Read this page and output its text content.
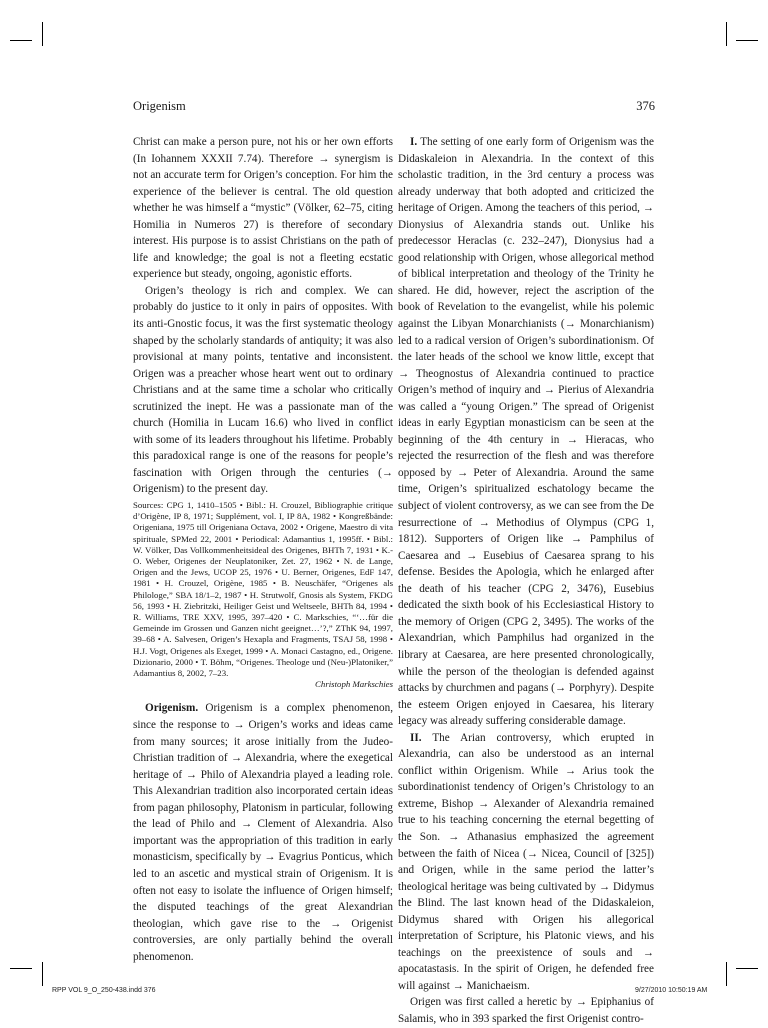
Origenism	376

Christ can make a person pure, not his or her own efforts (In Iohannem XXXII 7.74). Therefore → synergism is not an accurate term for Origen’s conception. For him the experience of the believer is central. The old question whether he was himself a “mystic” (Völker, 62–75, citing Homilia in Numeros 27) is therefore of secondary interest. His purpose is to assist Christians on the path of life and knowledge; the goal is not a fleeting ecstatic experience but steady, ongoing, agonistic efforts.

Origen’s theology is rich and complex. We can probably do justice to it only in pairs of opposites. With its anti-Gnostic focus, it was the first systematic theology shaped by the scholarly standards of antiquity; it was also provisional at many points, tentative and inconsistent. Origen was a preacher whose heart went out to ordinary Christians and at the same time a scholar who critically scrutinized the inept. He was a passionate man of the church (Homilia in Lucam 16.6) who lived in conflict with some of its leaders throughout his lifetime. Probably this paradoxical range is one of the reasons for people’s fascination with Origen through the centuries (→ Origenism) to the present day.

Sources: CPG 1, 1410–1505 • Bibl.: H. Crouzel, Bibliographie critique d’Origène, IP 8, 1971; Supplément, vol. I, IP 8A, 1982 • Kongreßbände: Origeniana, 1975 till Origeniana Octava, 2002 • Origene, Maestro di vita spirituale, SPMed 22, 2001 • Periodical: Adamantius 1, 1995ff. • Bibl.: W. Völker, Das Vollkommenheitsideal des Origenes, BHTh 7, 1931 • K.-O. Weber, Origenes der Neuplatoniker, Zet. 27, 1962 • N. de Lange, Origen and the Jews, UCOP 25, 1976 • U. Berner, Origenes, EdF 147, 1981 • H. Crouzel, Origène, 1985 • B. Neuschäfer, “Origenes als Philologe,” SBA 18/1–2, 1987 • H. Strutwolf, Gnosis als System, FKDG 56, 1993 • H. Ziebritzki, Heiliger Geist und Weltseele, BHTh 84, 1994 • R. Williams, TRE XXV, 1995, 397–420 • C. Markschies, “‘…für die Gemeinde im Grossen und Ganzen nicht geeignet…’?,” ZThK 94, 1997, 39–68 • A. Salvesen, Origen’s Hexapla and Fragments, TSAJ 58, 1998 • H.J. Vogt, Origenes als Exeget, 1999 • A. Monaci Castagno, ed., Origene. Dizionario, 2000 • T. Böhm, “Origenes. Theologe und (Neu-)Platoniker,” Adamantius 8, 2002, 7–23.

Christoph Markschies

Origenism. Origenism is a complex phenomenon, since the response to → Origen’s works and ideas came from many sources; it arose initially from the Judeo-Christian tradition of → Alexandria, where the exegetical heritage of → Philo of Alexandria played a leading role. This Alexandrian tradition also incorporated certain ideas from pagan philosophy, Platonism in particular, following the lead of Philo and → Clement of Alexandria. Also important was the appropriation of this tradition in early monasticism, specifically by → Evagrius Ponticus, which led to an ascetic and mystical strain of Origenism. It is often not easy to isolate the influence of Origen himself; the disputed teachings of the great Alexandrian theologian, which gave rise to the → Origenist controversies, are only partially behind the overall phenomenon.

I. The setting of one early form of Origenism was the Didaskaleion in Alexandria. In the context of this scholastic tradition, in the 3rd century a process was already underway that both adopted and criticized the heritage of Origen. Among the teachers of this period, → Dionysius of Alexandria stands out. Unlike his predecessor Heraclas (c. 232–247), Dionysius had a good relationship with Origen, whose allegorical method of biblical interpretation and theology of the Trinity he shared. He did, however, reject the ascription of the book of Revelation to the evangelist, while his polemic against the Libyan Monarchianists (→ Monarchianism) led to a radical version of Origen’s subordinationism. Of the later heads of the school we know little, except that → Theognostus of Alexandria continued to practice Origen’s method of inquiry and → Pierius of Alexandria was called a “young Origen.” The spread of Origenist ideas in early Egyptian monasticism can be seen at the beginning of the 4th century in → Hieracas, who rejected the resurrection of the flesh and was therefore opposed by → Peter of Alexandria. Around the same time, Origen’s spiritualized eschatology became the subject of violent controversy, as we can see from the De resurrectione of → Methodius of Olympus (CPG 1, 1812). Supporters of Origen like → Pamphilus of Caesarea and → Eusebius of Caesarea sprang to his defense. Besides the Apologia, which he enlarged after the death of his teacher (CPG 2, 3476), Eusebius dedicated the sixth book of his Ecclesiastical History to the memory of Origen (CPG 2, 3495). The works of the Alexandrian, which Pamphilus had organized in the library at Caesarea, are here presented chronologically, while the person of the theologian is defended against attacks by churchmen and pagans (→ Porphyry). Despite the esteem Origen enjoyed in Caesarea, his literary legacy was already suffering considerable damage.

II. The Arian controversy, which erupted in Alexandria, can also be understood as an internal conflict within Origenism. While → Arius took the subordinationist tendency of Origen’s Christology to an extreme, Bishop → Alexander of Alexandria remained true to his teaching concerning the eternal begetting of the Son. → Athanasius emphasized the agreement between the faith of Nicea (→ Nicea, Council of [325]) and Origen, while in the same period the latter’s theological heritage was being cultivated by → Didymus the Blind. The last known head of the Didaskaleion, Didymus shared with Origen his allegorical interpretation of Scripture, his Platonic views, and his teachings on the preexistence of souls and → apocatastasis. In the spirit of Origen, he defended free will against → Manichaeism.

Origen was first called a heretic by → Epiphanius of Salamis, who in 393 sparked the first Origenist contro-

RPP VOL 9_O_250-438.indd 376	9/27/2010 10:50:19 AM
